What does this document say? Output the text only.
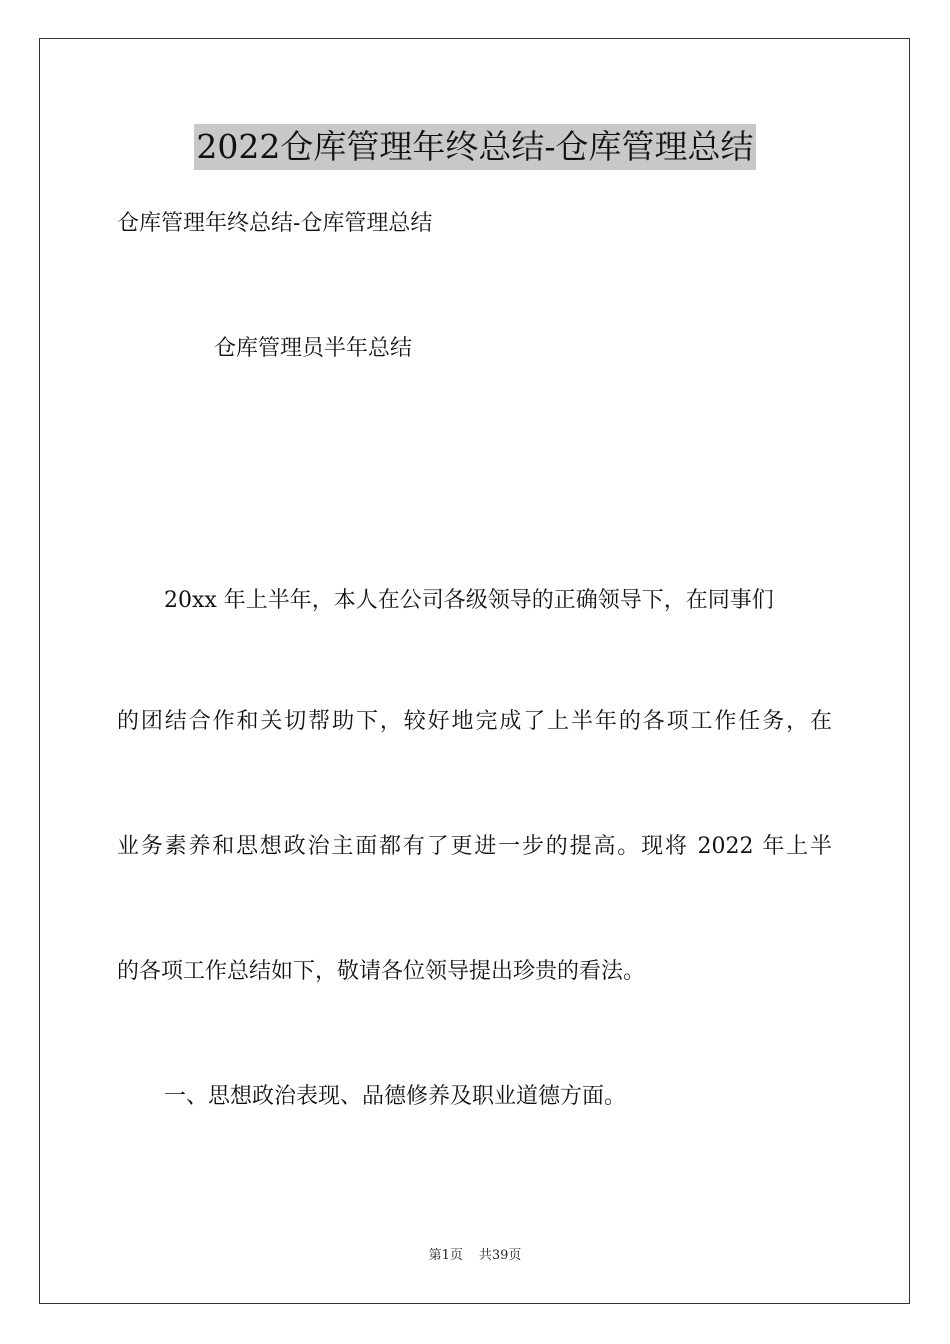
2022仓库管理年终总结-仓库管理总结

仓库管理年终总结-仓库管理总结

仓库管理员半年总结

20xx 年上半年，本人在公司各级领导的正确领导下，在同事们

的团结合作和关切帮助下，较好地完成了上半年的各项工作任务，在

业务素养和思想政治主面都有了更进一步的提高。现将 2022 年上半

的各项工作总结如下，敬请各位领导提出珍贵的看法。

一、思想政治表现、品德修养及职业道德方面。

第1页 共39页
